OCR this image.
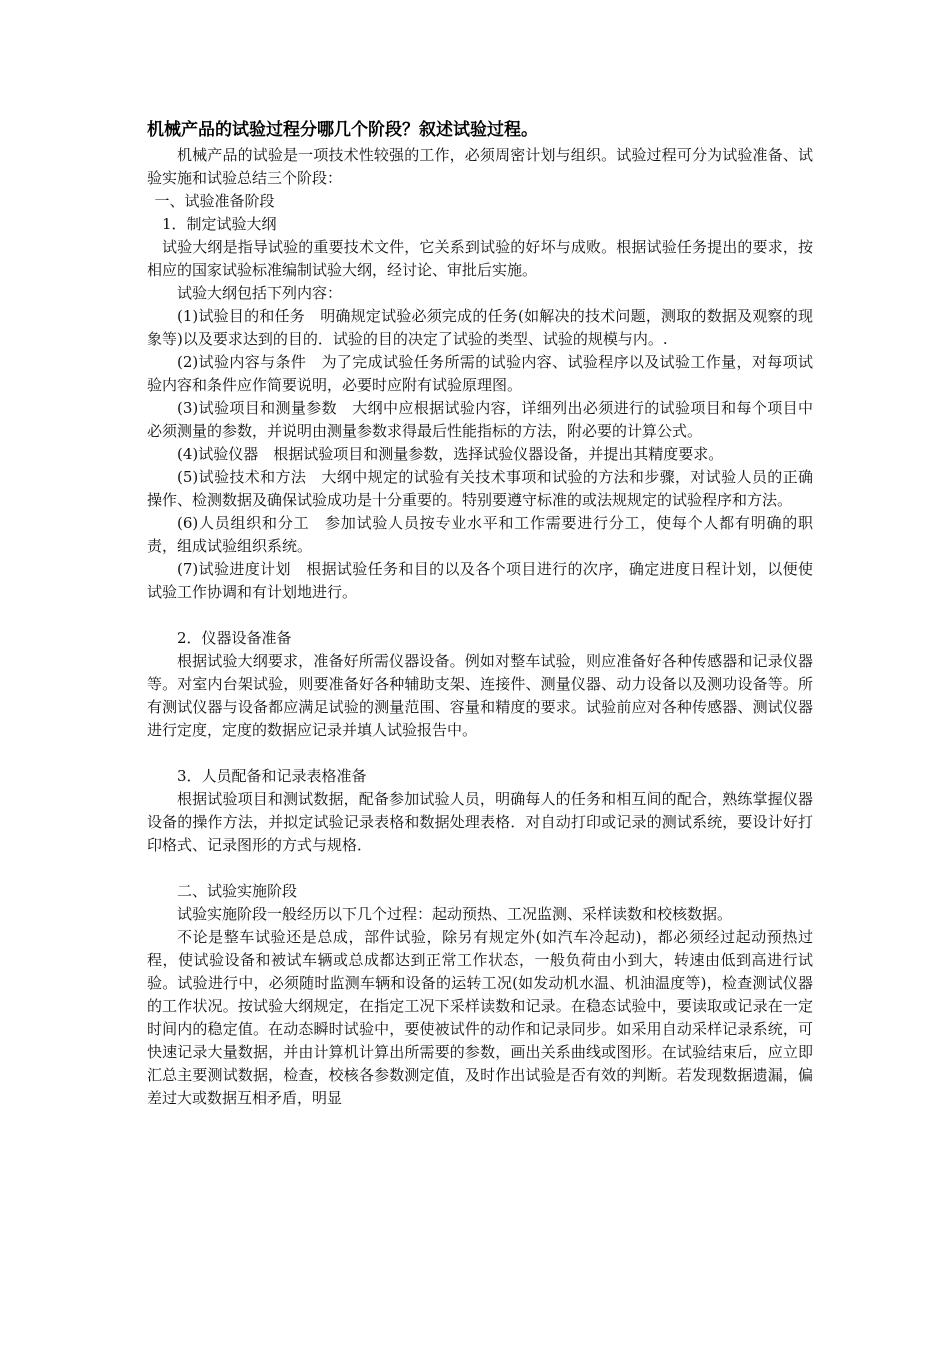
机械产品的试验过程分哪几个阶段？叙述试验过程。

机械产品的试验是一项技术性较强的工作，必须周密计划与组织。试验过程可分为试验准备、试验实施和试验总结三个阶段：

一、试验准备阶段

1．制定试验大纲

试验大纲是指导试验的重要技术文件，它关系到试验的好坏与成败。根据试验任务提出的要求，按相应的国家试验标准编制试验大纲，经讨论、审批后实施。

试验大纲包括下列内容：

(1)试验目的和任务　明确规定试验必须完成的任务(如解决的技术问题，测取的数据及观察的现象等)以及要求达到的目的．试验的目的决定了试验的类型、试验的规模与内。.

(2)试验内容与条件　为了完成试验任务所需的试验内容、试验程序以及试验工作量，对每项试验内容和条件应作简要说明，必要时应附有试验原理图。

(3)试验项目和测量参数　大纲中应根据试验内容，详细列出必须进行的试验项目和每个项目中必须测量的参数，并说明由测量参数求得最后性能指标的方法，附必要的计算公式。

(4)试验仪器　根据试验项目和测量参数，选择试验仪器设备，并提出其精度要求。

(5)试验技术和方法　大纲中规定的试验有关技术事项和试验的方法和步骤，对试验人员的正确操作、检测数据及确保试验成功是十分重要的。特别要遵守标准的或法规规定的试验程序和方法。

(6)人员组织和分工　参加试验人员按专业水平和工作需要进行分工，使每个人都有明确的职责，组成试验组织系统。

(7)试验进度计划　根据试验任务和目的以及各个项目进行的次序，确定进度日程计划，以便使试验工作协调和有计划地进行。

2．仪器设备准备

根据试验大纲要求，准备好所需仪器设备。例如对整车试验，则应准备好各种传感器和记录仪器等。对室内台架试验，则要准备好各种辅助支架、连接件、测量仪器、动力设备以及测功设备等。所有测试仪器与设备都应满足试验的测量范围、容量和精度的要求。试验前应对各种传感器、测试仪器进行定度，定度的数据应记录并填人试验报告中。

3．人员配备和记录表格准备

根据试验项目和测试数据，配备参加试验人员，明确每人的任务和相互间的配合，熟练掌握仪器设备的操作方法，并拟定试验记录表格和数据处理表格．对自动打印或记录的测试系统，要设计好打印格式、记录图形的方式与规格．

二、试验实施阶段

试验实施阶段一般经历以下几个过程：起动预热、工况监测、采样读数和校核数据。

不论是整车试验还是总成，部件试验，除另有规定外(如汽车冷起动)，都必须经过起动预热过程，使试验设备和被试车辆或总成都达到正常工作状态，一般负荷由小到大，转速由低到高进行试验。试验进行中，必须随时监测车辆和设备的运转工况(如发动机水温、机油温度等)，检查测试仪器的工作状况。按试验大纲规定，在指定工况下采样读数和记录。在稳态试验中，要读取或记录在一定时间内的稳定值。在动态瞬时试验中，要使被试件的动作和记录同步。如采用自动采样记录系统，可快速记录大量数据，并由计算机计算出所需要的参数，画出关系曲线或图形。在试验结束后，应立即汇总主要测试数据，检查，校核各参数测定值，及时作出试验是否有效的判断。若发现数据遗漏，偏差过大或数据互相矛盾，明显
